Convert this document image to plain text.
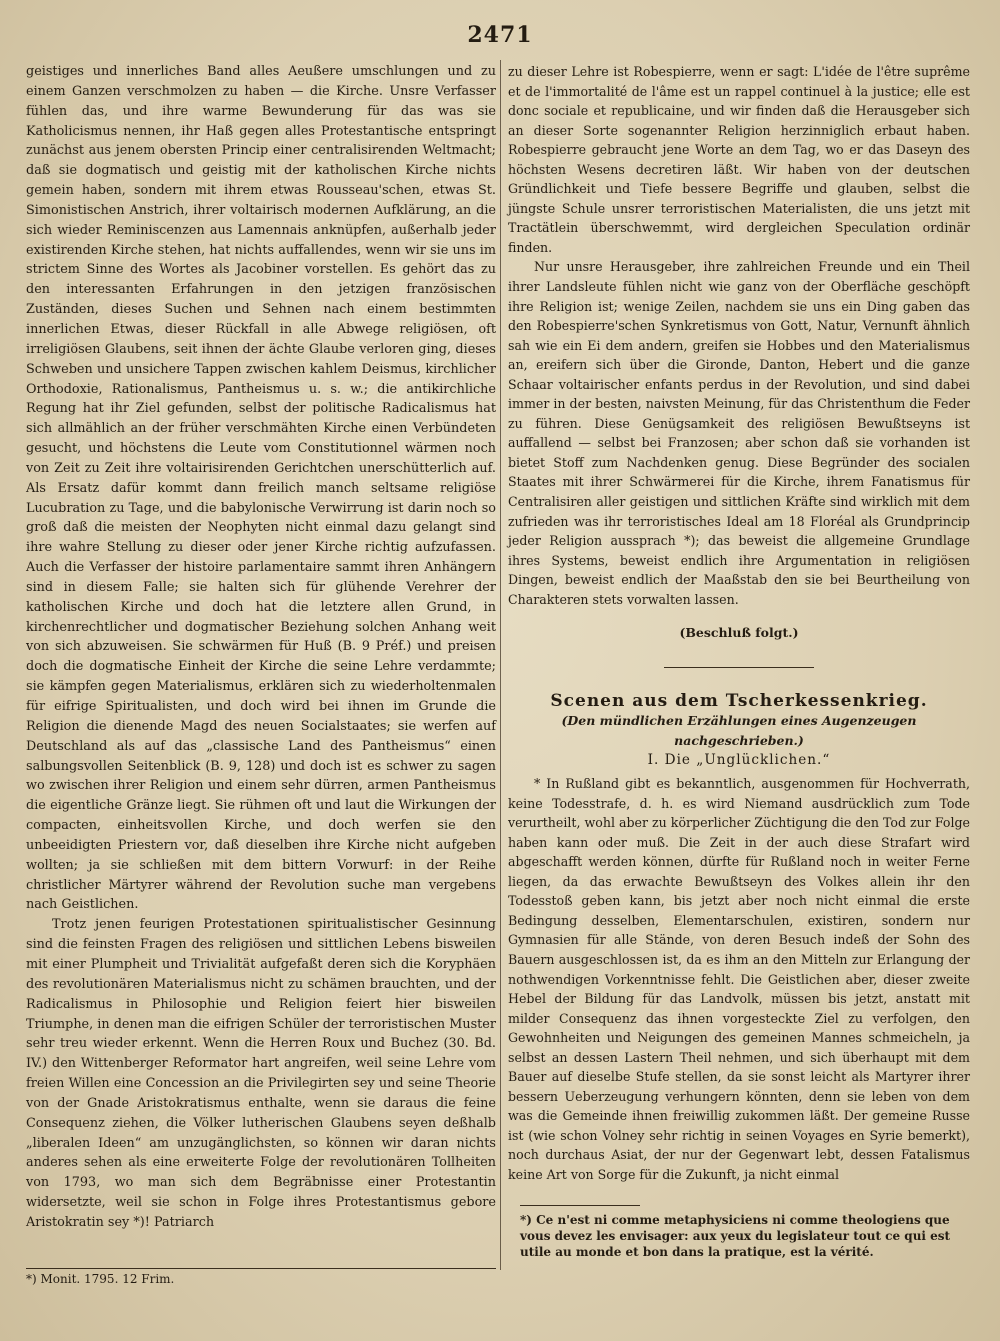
2471

geistiges und innerliches Band alles Aeußere umschlungen und zu einem Ganzen verschmolzen zu haben — die Kirche. Unsre Verfasser fühlen das, und ihre warme Bewunderung für das was sie Katholicismus nennen, ihr Haß gegen alles Protestantische entspringt zunächst aus jenem obersten Princip einer centralisirenden Weltmacht; daß sie dogmatisch und geistig mit der katholischen Kirche nichts gemein haben, sondern mit ihrem etwas Rousseau'schen, etwas St. Simonistischen Anstrich, ihrer voltairisch modernen Aufklärung, an die sich wieder Reminiscenzen aus Lamennais anknüpfen, außerhalb jeder existirenden Kirche stehen, hat nichts auffallendes, wenn wir sie uns im strictem Sinne des Wortes als Jacobiner vorstellen. Es gehört das zu den interessanten Erfahrungen in den jetzigen französischen Zuständen, dieses Suchen und Sehnen nach einem bestimmten innerlichen Etwas, dieser Rückfall in alle Abwege religiösen, oft irreligiösen Glaubens, seit ihnen der ächte Glaube verloren ging, dieses Schweben und unsichere Tappen zwischen kahlem Deismus, kirchlicher Orthodoxie, Rationalismus, Pantheismus u. s. w.; die antikirchliche Regung hat ihr Ziel gefunden, selbst der politische Radicalismus hat sich allmählich an der früher verschmähten Kirche einen Verbündeten gesucht, und höchstens die Leute vom Constitutionnel wärmen noch von Zeit zu Zeit ihre voltairisirenden Gerichtchen unerschütterlich auf. Als Ersatz dafür kommt dann freilich manch seltsame religiöse Lucubration zu Tage, und die babylonische Verwirrung ist darin noch so groß daß die meisten der Neophyten nicht einmal dazu gelangt sind ihre wahre Stellung zu dieser oder jener Kirche richtig aufzufassen. Auch die Verfasser der histoire parlamentaire sammt ihren Anhängern sind in diesem Falle; sie halten sich für glühende Verehrer der katholischen Kirche und doch hat die letztere allen Grund, in kirchenrechtlicher und dogmatischer Beziehung solchen Anhang weit von sich abzuweisen. Sie schwärmen für Huß (B. 9 Préf.) und preisen doch die dogmatische Einheit der Kirche die seine Lehre verdammte; sie kämpfen gegen Materialismus, erklären sich zu wiederholtenmalen für eifrige Spiritualisten, und doch wird bei ihnen im Grunde die Religion die dienende Magd des neuen Socialstaates; sie werfen auf Deutschland als auf das „classische Land des Pantheismus“ einen salbungsvollen Seitenblick (B. 9, 128) und doch ist es schwer zu sagen wo zwischen ihrer Religion und einem sehr dürren, armen Pantheismus die eigentliche Gränze liegt. Sie rühmen oft und laut die Wirkungen der compacten, einheitsvollen Kirche, und doch werfen sie den unbeeidigten Priestern vor, daß dieselben ihre Kirche nicht aufgeben wollten; ja sie schließen mit dem bittern Vorwurf: in der Reihe christlicher Märtyrer während der Revolution suche man vergebens nach Geistlichen.

Trotz jenen feurigen Protestationen spiritualistischer Gesinnung sind die feinsten Fragen des religiösen und sittlichen Lebens bisweilen mit einer Plumpheit und Trivialität aufgefaßt deren sich die Koryphäen des revolutionären Materialismus nicht zu schämen brauchten, und der Radicalismus in Philosophie und Religion feiert hier bisweilen Triumphe, in denen man die eifrigen Schüler der terroristischen Muster sehr treu wieder erkennt. Wenn die Herren Roux und Buchez (30. Bd. IV.) den Wittenberger Reformator hart angreifen, weil seine Lehre vom freien Willen eine Concession an die Privilegirten sey und seine Theorie von der Gnade Aristokratismus enthalte, wenn sie daraus die feine Consequenz ziehen, die Völker lutherischen Glaubens seyen deßhalb „liberalen Ideen“ am unzugänglichsten, so können wir daran nichts anderes sehen als eine erweiterte Folge der revolutionären Tollheiten von 1793, wo man sich dem Begräbnisse einer Protestantin widersetzte, weil sie schon in Folge ihres Protestantismus gebore Aristokratin sey *)! Patriarch

*) Monit. 1795. 12 Frim.

zu dieser Lehre ist Robespierre, wenn er sagt: L'idée de l'être suprême et de l'immortalité de l'âme est un rappel continuel à la justice; elle est donc sociale et republicaine, und wir finden daß die Herausgeber sich an dieser Sorte sogenannter Religion herzinniglich erbaut haben. Robespierre gebraucht jene Worte an dem Tag, wo er das Daseyn des höchsten Wesens decretiren läßt. Wir haben von der deutschen Gründlichkeit und Tiefe bessere Begriffe und glauben, selbst die jüngste Schule unsrer terroristischen Materialisten, die uns jetzt mit Tractätlein überschwemmt, wird dergleichen Speculation ordinär finden.

Nur unsre Herausgeber, ihre zahlreichen Freunde und ein Theil ihrer Landsleute fühlen nicht wie ganz von der Oberfläche geschöpft ihre Religion ist; wenige Zeilen, nachdem sie uns ein Ding gaben das den Robespierre'schen Synkretismus von Gott, Natur, Vernunft ähnlich sah wie ein Ei dem andern, greifen sie Hobbes und den Materialismus an, ereifern sich über die Gironde, Danton, Hebert und die ganze Schaar voltairischer enfants perdus in der Revolution, und sind dabei immer in der besten, naivsten Meinung, für das Christenthum die Feder zu führen. Diese Genügsamkeit des religiösen Bewußtseyns ist auffallend — selbst bei Franzosen; aber schon daß sie vorhanden ist bietet Stoff zum Nachdenken genug. Diese Begründer des socialen Staates mit ihrer Schwärmerei für die Kirche, ihrem Fanatismus für Centralisiren aller geistigen und sittlichen Kräfte sind wirklich mit dem zufrieden was ihr terroristisches Ideal am 18 Floréal als Grundprincip jeder Religion aussprach *); das beweist die allgemeine Grundlage ihres Systems, beweist endlich ihre Argumentation in religiösen Dingen, beweist endlich der Maaßstab den sie bei Beurtheilung von Charakteren stets vorwalten lassen.

(Beschluß folgt.)

Scenen aus dem Tscherkessenkrieg.

(Den mündlichen Erzählungen eines Augenzeugen nachgeschrieben.)

I. Die „Unglücklichen.“

* In Rußland gibt es bekanntlich, ausgenommen für Hochverrath, keine Todesstrafe, d. h. es wird Niemand ausdrücklich zum Tode verurtheilt, wohl aber zu körperlicher Züchtigung die den Tod zur Folge haben kann oder muß. Die Zeit in der auch diese Strafart wird abgeschafft werden können, dürfte für Rußland noch in weiter Ferne liegen, da das erwachte Bewußtseyn des Volkes allein ihr den Todesstoß geben kann, bis jetzt aber noch nicht einmal die erste Bedingung desselben, Elementarschulen, existiren, sondern nur Gymnasien für alle Stände, von deren Besuch indeß der Sohn des Bauern ausgeschlossen ist, da es ihm an den Mitteln zur Erlangung der nothwendigen Vorkenntnisse fehlt. Die Geistlichen aber, dieser zweite Hebel der Bildung für das Landvolk, müssen bis jetzt, anstatt mit milder Consequenz das ihnen vorgesteckte Ziel zu verfolgen, den Gewohnheiten und Neigungen des gemeinen Mannes schmeicheln, ja selbst an dessen Lastern Theil nehmen, und sich überhaupt mit dem Bauer auf dieselbe Stufe stellen, da sie sonst leicht als Martyrer ihrer bessern Ueberzeugung verhungern könnten, denn sie leben von dem was die Gemeinde ihnen freiwillig zukommen läßt. Der gemeine Russe ist (wie schon Volney sehr richtig in seinen Voyages en Syrie bemerkt), noch durchaus Asiat, der nur der Gegenwart lebt, dessen Fatalismus keine Art von Sorge für die Zukunft, ja nicht einmal

*) Ce n'est ni comme metaphysiciens ni comme theologiens que vous devez les envisager: aux yeux du legislateur tout ce qui est utile au monde et bon dans la pratique, est la vérité.
